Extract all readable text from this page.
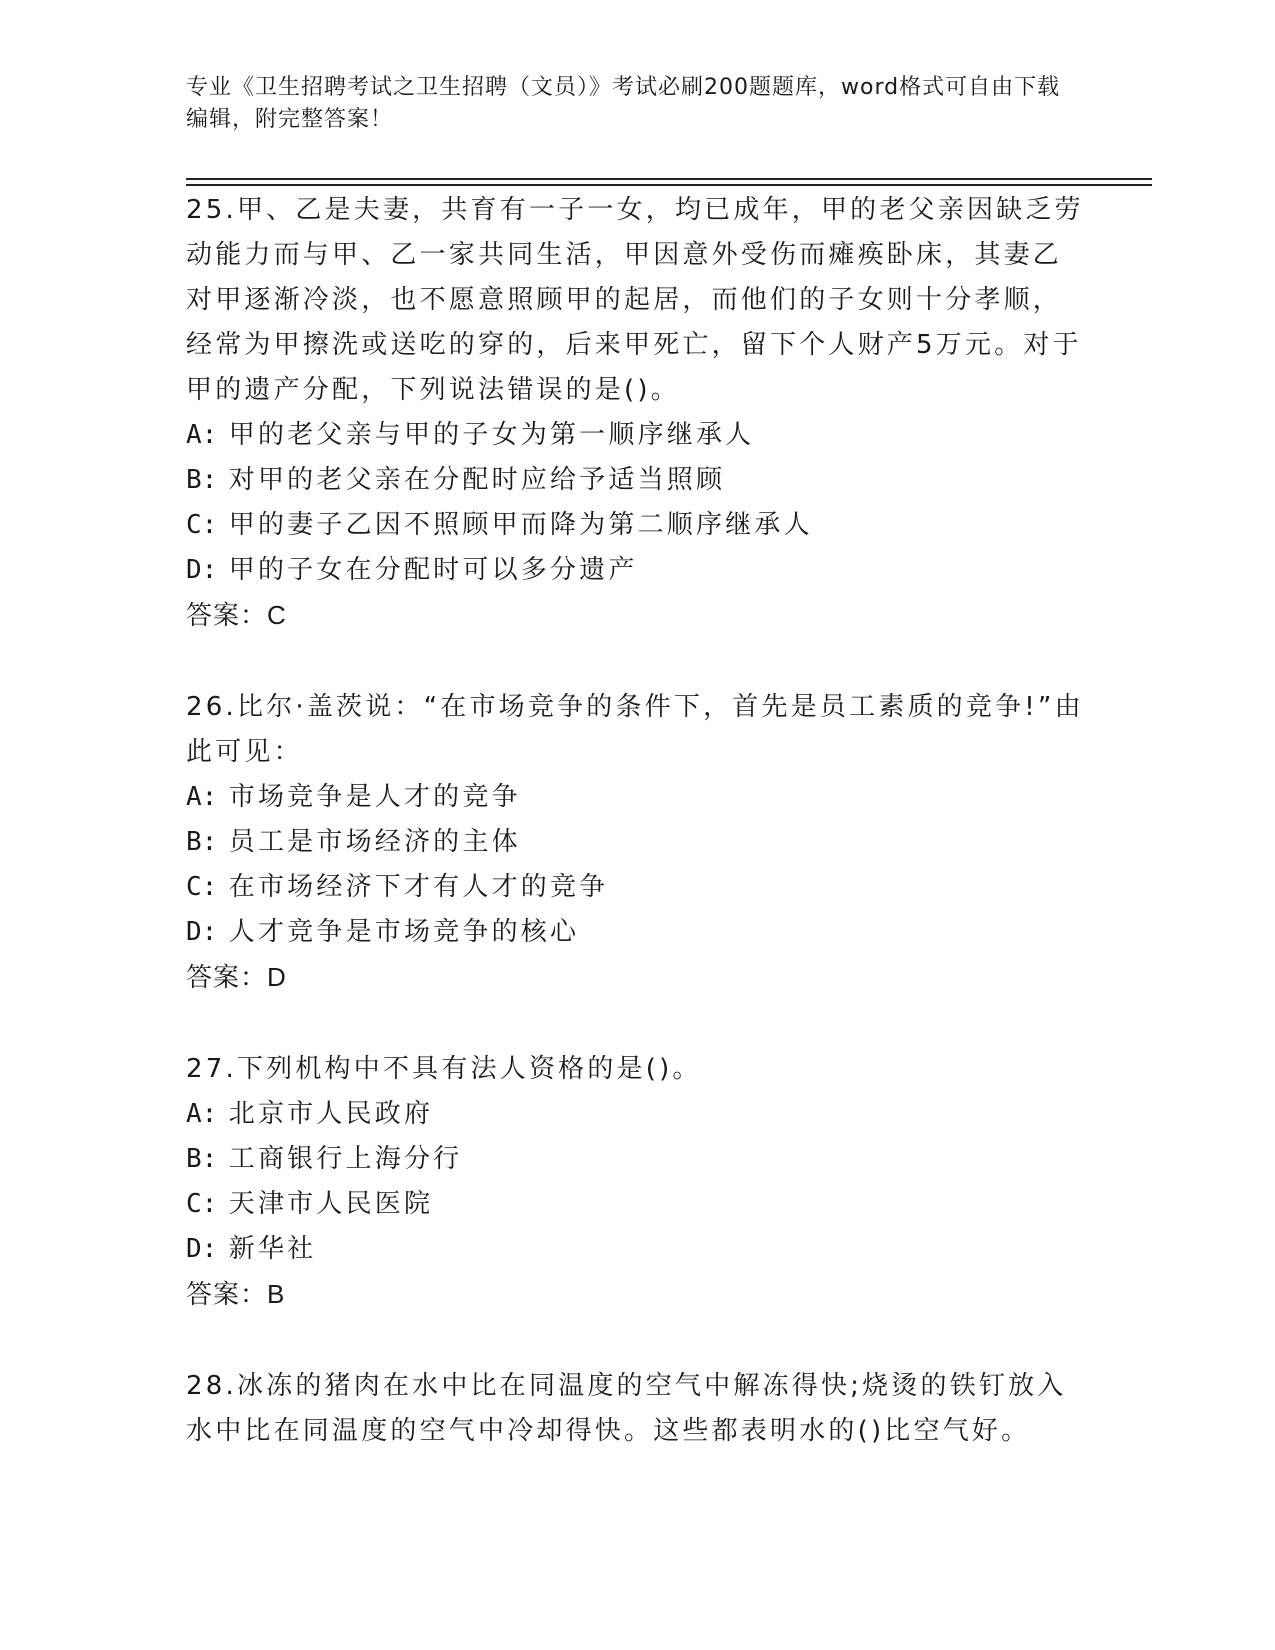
专业《卫生招聘考试之卫生招聘（文员）》考试必刷200题题库，word格式可自由下载编辑，附完整答案！
25.甲、乙是夫妻，共育有一子一女，均已成年，甲的老父亲因缺乏劳动能力而与甲、乙一家共同生活，甲因意外受伤而瘫痪卧床，其妻乙对甲逐渐冷淡，也不愿意照顾甲的起居，而他们的子女则十分孝顺，经常为甲擦洗或送吃的穿的，后来甲死亡，留下个人财产5万元。对于甲的遗产分配，下列说法错误的是()。
A: 甲的老父亲与甲的子女为第一顺序继承人
B: 对甲的老父亲在分配时应给予适当照顾
C: 甲的妻子乙因不照顾甲而降为第二顺序继承人
D: 甲的子女在分配时可以多分遗产
答案：C
26.比尔·盖茨说：“在市场竞争的条件下，首先是员工素质的竞争!”由此可见：
A: 市场竞争是人才的竞争
B: 员工是市场经济的主体
C: 在市场经济下才有人才的竞争
D: 人才竞争是市场竞争的核心
答案：D
27.下列机构中不具有法人资格的是()。
A: 北京市人民政府
B: 工商银行上海分行
C: 天津市人民医院
D: 新华社
答案：B
28.冰冻的猪肉在水中比在同温度的空气中解冻得快;烧烫的铁钉放入水中比在同温度的空气中冷却得快。这些都表明水的()比空气好。
